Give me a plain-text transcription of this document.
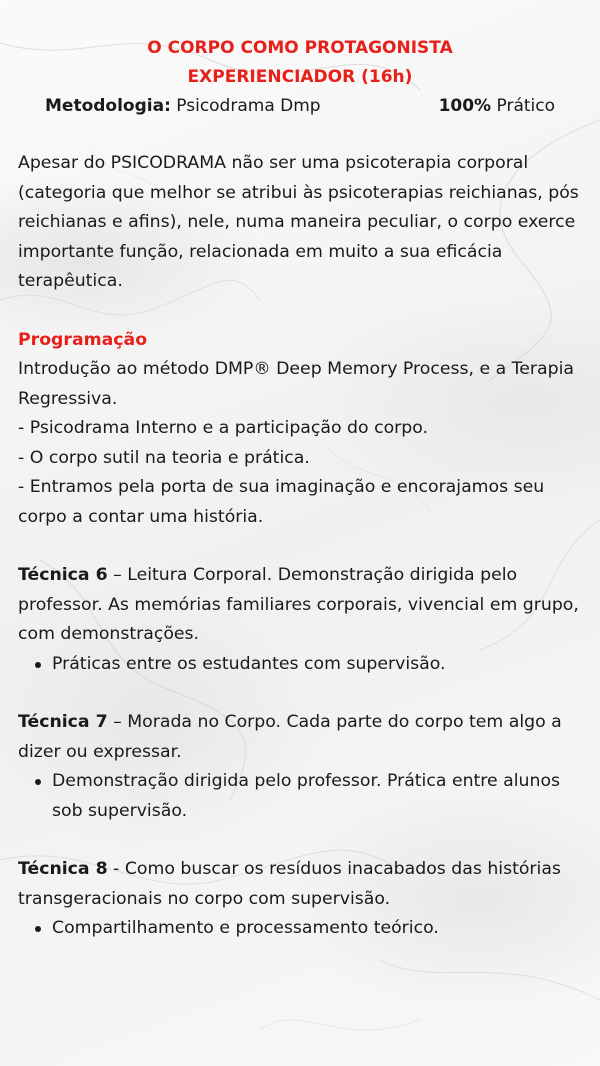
O CORPO COMO PROTAGONISTA
EXPERIENCIADOR (16h)
Metodologia: Psicodrama Dmp	100% Prático

Apesar do PSICODRAMA não ser uma psicoterapia corporal (categoria que melhor se atribui às psicoterapias reichianas, pós reichianas e afins), nele, numa maneira peculiar, o corpo exerce importante função, relacionada em muito a sua eficácia terapêutica.

Programação

Introdução ao método DMP® Deep Memory Process, e a Terapia Regressiva.

- Psicodrama Interno e a participação do corpo.

- O corpo sutil na teoria e prática.

- Entramos pela porta de sua imaginação e encorajamos seu corpo a contar uma história.

Técnica 6 – Leitura Corporal. Demonstração dirigida pelo professor. As memórias familiares corporais, vivencial em grupo, com demonstrações.

Práticas entre os estudantes com supervisão.

Técnica 7 – Morada no Corpo. Cada parte do corpo tem algo a dizer ou expressar.

Demonstração dirigida pelo professor. Prática entre alunos sob supervisão.

Técnica 8 - Como buscar os resíduos inacabados das histórias transgeracionais no corpo com supervisão.

Compartilhamento e processamento teórico.
